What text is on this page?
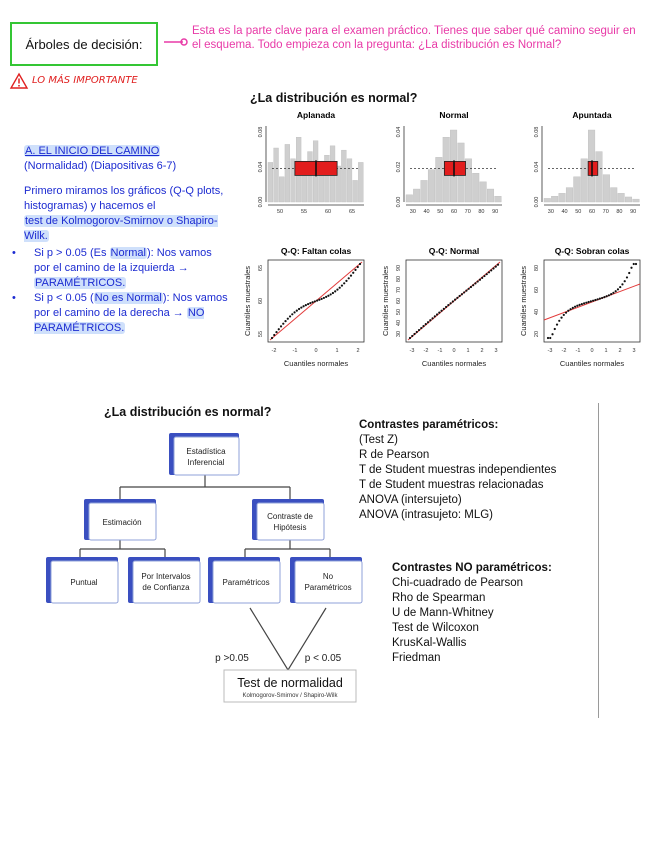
Árboles de decisión:
Esta es la parte clave para el examen práctico. Tienes que saber qué camino seguir en el esquema. Todo empieza con la pregunta: ¿La distribución es Normal?
LO MÁS IMPORTANTE
A. EL INICIO DEL CAMINO
(Normalidad) (Diapositivas 6-7)
Primero miramos los gráficos (Q-Q plots, histogramas) y hacemos el
test de Kolmogorov-Smirnov o Shapiro-Wilk.
• Si p > 0.05 (Es Normal): Nos vamos por el camino de la izquierda → PARAMÉTRICOS.
• Si p < 0.05 (No es Normal): Nos vamos por el camino de la derecha → NO PARAMÉTRICOS.
¿La distribución es normal?
Aplanada
50	55	60	65
0.00
0.04
0.08
Normal
30 40 50 60 70 80 90
0.00
0.02
0.04
Apuntada
30 40 50 60 70 80 90
0.00
0.04
0.08
Q-Q: Faltan colas
Cuantiles normales
Cuantiles muestrales
-2	-1	0	1	2
55
60
65
Q-Q: Normal
Cuantiles normales
Cuantiles muestrales
-3 -2 -1 0 1 2 3
30
40
50
60
70
80
90
Q-Q: Sobran colas
Cuantiles normales
Cuantiles muestrales
-3 -2 -1 0 1 2 3
20
40
60
80
¿La distribución es normal?
Estadística
Inferencial
Estimación
Contraste de
Hipótesis
Puntual
Por Intervalos
de Confianza
Paramétricos
No
Paramétricos
p >0.05	p < 0.05
Test de normalidad
Kolmogorov-Smirnov / Shapiro-Wilk
Contrastes paramétricos:
(Test Z)
R de Pearson
T de Student muestras independientes
T de Student muestras relacionadas
ANOVA (intersujeto)
ANOVA (intrasujeto: MLG)
Contrastes NO paramétricos:
Chi-cuadrado de Pearson
Rho de Spearman
U de Mann-Whitney
Test de Wilcoxon
KrusKal-Wallis
Friedman
